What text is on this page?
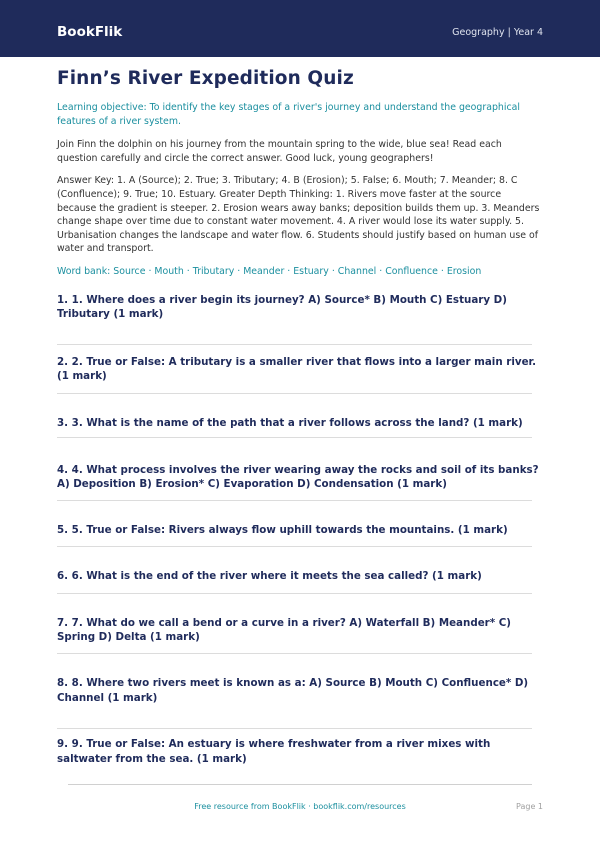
BookFlik	Geography | Year 4
Finn’s River Expedition Quiz
Learning objective: To identify the key stages of a river's journey and understand the geographical features of a river system.
Join Finn the dolphin on his journey from the mountain spring to the wide, blue sea! Read each question carefully and circle the correct answer. Good luck, young geographers!
Answer Key: 1. A (Source); 2. True; 3. Tributary; 4. B (Erosion); 5. False; 6. Mouth; 7. Meander; 8. C (Confluence); 9. True; 10. Estuary. Greater Depth Thinking: 1. Rivers move faster at the source because the gradient is steeper. 2. Erosion wears away banks; deposition builds them up. 3. Meanders change shape over time due to constant water movement. 4. A river would lose its water supply. 5. Urbanisation changes the landscape and water flow. 6. Students should justify based on human use of water and transport.
Word bank: Source · Mouth · Tributary · Meander · Estuary · Channel · Confluence · Erosion
1. 1. Where does a river begin its journey? A) Source* B) Mouth C) Estuary D) Tributary (1 mark)
2. 2. True or False: A tributary is a smaller river that flows into a larger main river. (1 mark)
3. 3. What is the name of the path that a river follows across the land? (1 mark)
4. 4. What process involves the river wearing away the rocks and soil of its banks? A) Deposition B) Erosion* C) Evaporation D) Condensation (1 mark)
5. 5. True or False: Rivers always flow uphill towards the mountains. (1 mark)
6. 6. What is the end of the river where it meets the sea called? (1 mark)
7. 7. What do we call a bend or a curve in a river? A) Waterfall B) Meander* C) Spring D) Delta (1 mark)
8. 8. Where two rivers meet is known as a: A) Source B) Mouth C) Confluence* D) Channel (1 mark)
9. 9. True or False: An estuary is where freshwater from a river mixes with saltwater from the sea. (1 mark)
Free resource from BookFlik · bookflik.com/resources	Page 1
